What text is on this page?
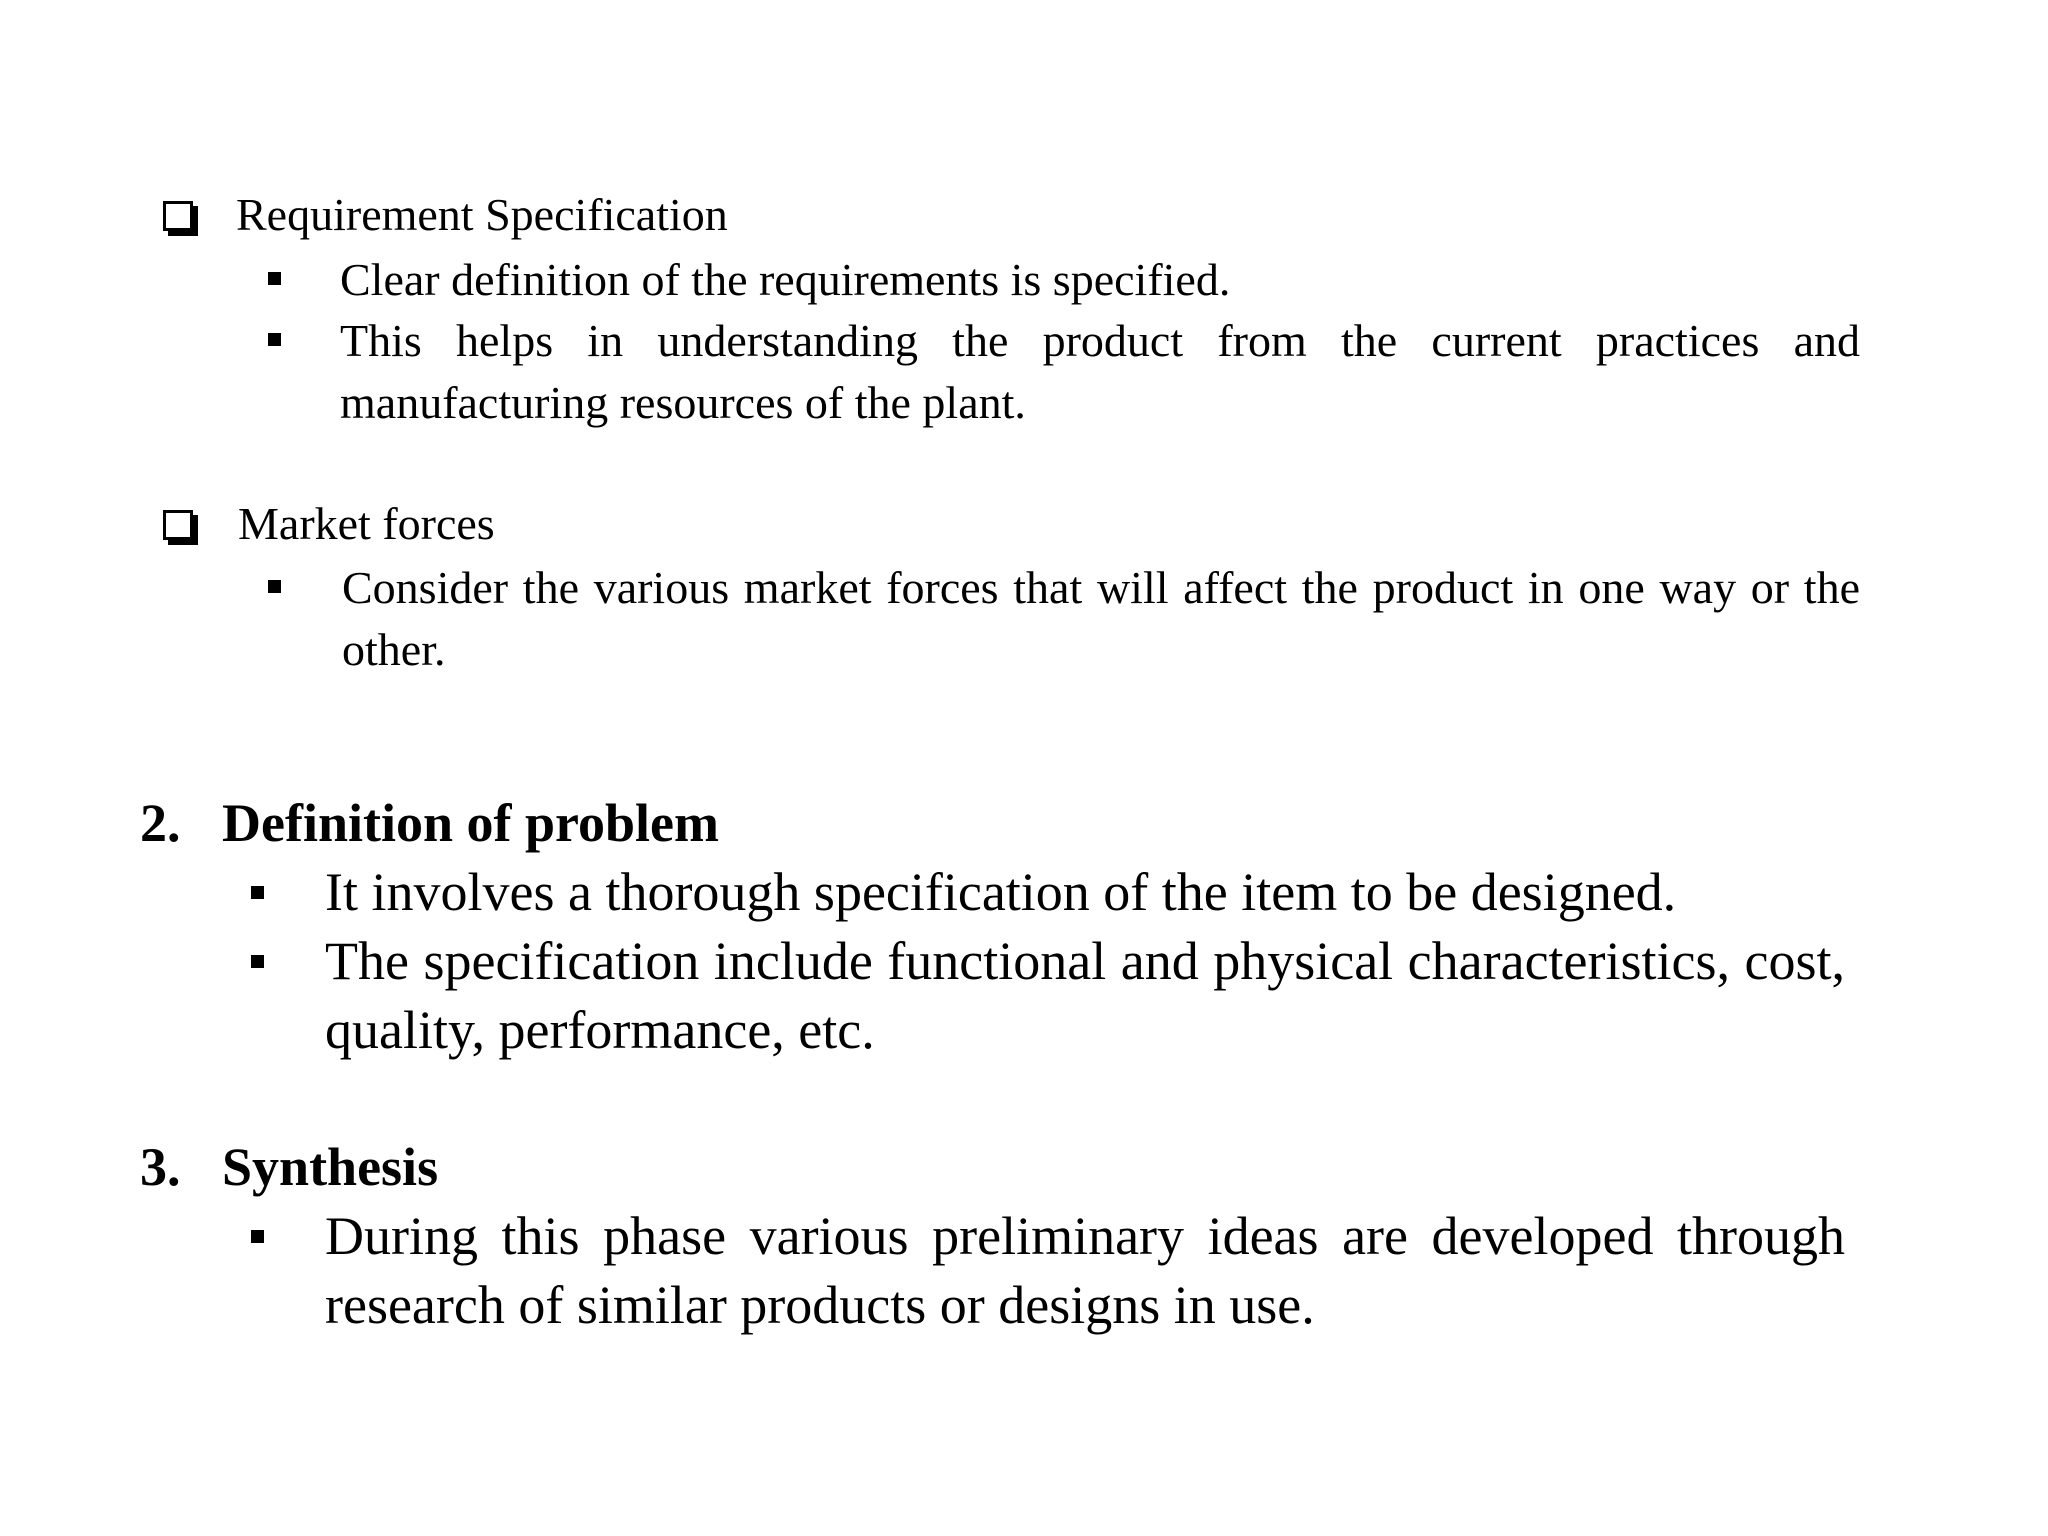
Requirement Specification
Clear definition of the requirements is specified.
This helps in understanding the product from the current practices and manufacturing resources of the plant.
Market forces
Consider the various market forces that will affect the product in one way or the other.
2. Definition of problem
It involves a thorough specification of the item to be designed.
The specification include functional and physical characteristics, cost, quality, performance, etc.
3. Synthesis
During this phase various preliminary ideas are developed through research of similar products or designs in use.
